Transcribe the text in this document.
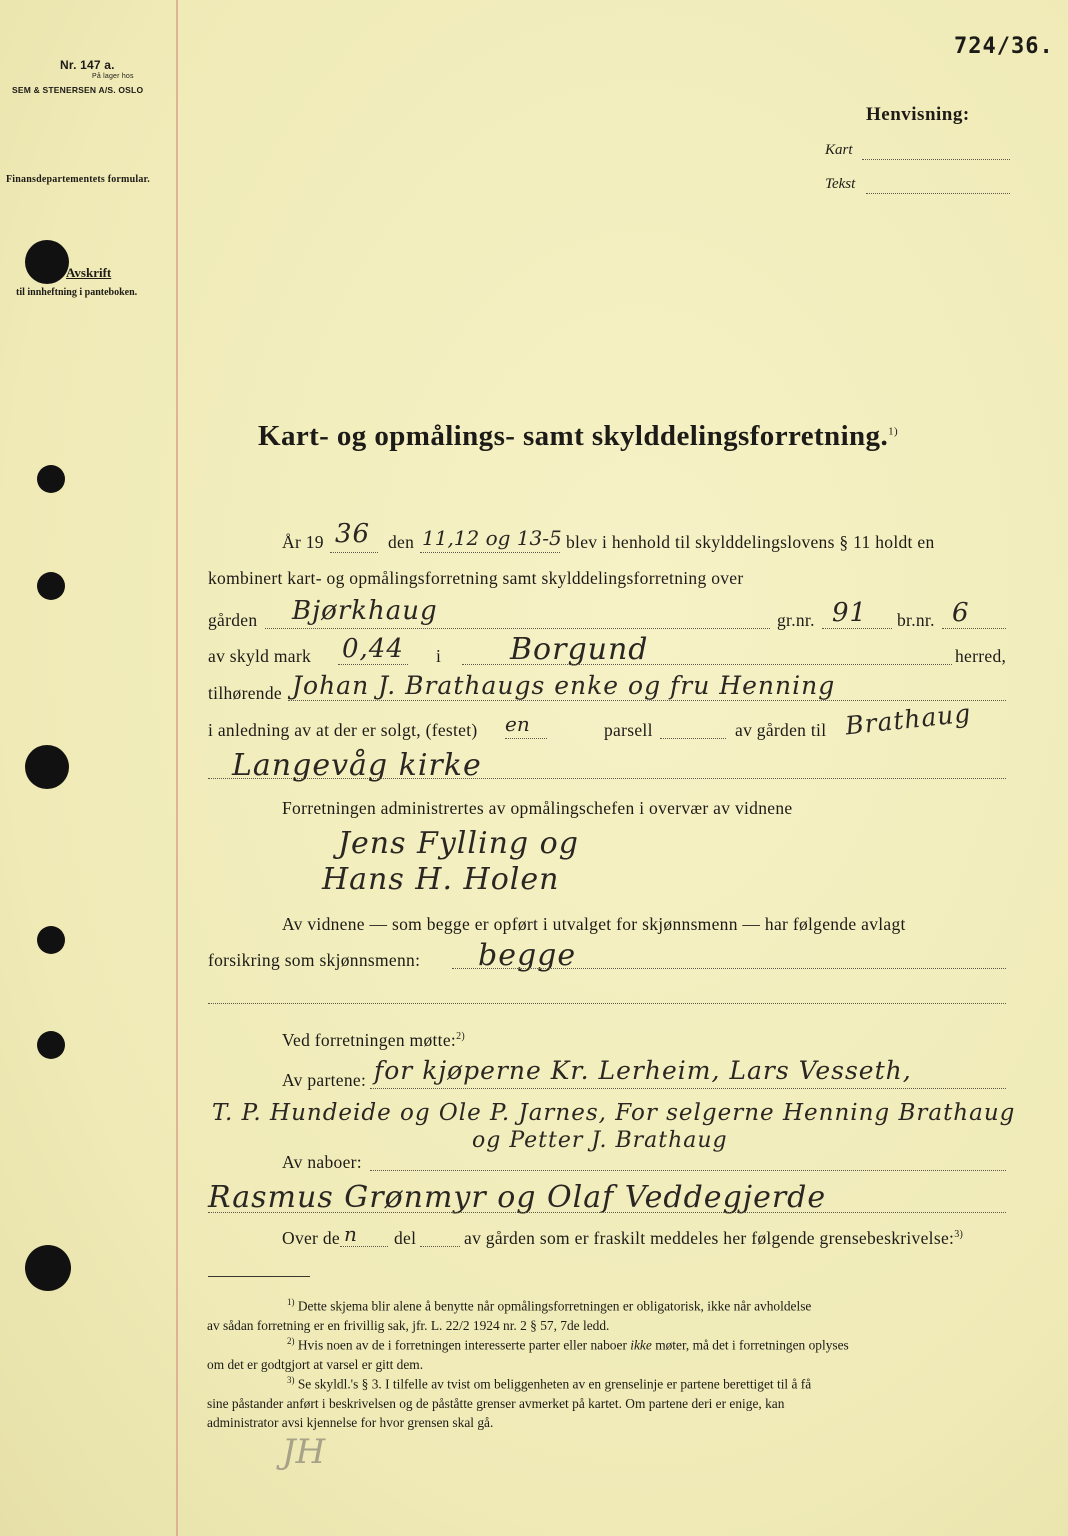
Nr. 147 a.
På lager hos
SEM & STENERSEN A/S. OSLO
Finansdepartementets formular.
Avskrift
til innheftning i panteboken.
724/36.
Henvisning:
Kart
Tekst
Kart- og opmålings- samt skylddelingsforretning.$^{1)}$
År 19 36 den 11,12 og 13-5 blev i henhold til skylddelingslovens § 11 holdt en
kombinert kart- og opmålingsforretning samt skylddelingsforretning over
gården Bjørkhaug	gr.nr. 91 br.nr. 6
av skyld mark 0,44 i Borgund	herred,
tilhørende Johan J. Brathaugs enke og fru Henning
Brathaug
i anledning av at der er solgt, (festet) en	parsell	av gården til
Langevåg kirke
Forretningen administrertes av opmålingschefen i overvær av vidnene
Jens Fylling og
Hans H. Holen
Av vidnene — som begge er opført i utvalget for skjønnsmenn — har følgende avlagt
forsikring som skjønnsmenn: begge
Ved forretningen møtte:$^{2)}$
Av partene: for kjøperne Kr. Lerheim, Lars Vesseth,
T. P. Hundeide og Ole P. Jarnes, For selgerne Henning Brathaug
og Petter J. Brathaug
Av naboer:
Rasmus Grønmyr og Olaf Veddegjerde
Over de n del	av gården som er fraskilt meddeles her følgende grensebeskrivelse:$^{3)}$
$^{1)}$ Dette skjema blir alene å benytte når opmålingsforretningen er obligatorisk, ikke når avholdelse
av sådan forretning er en frivillig sak, jfr. L. 22/2 1924 nr. 2 § 57, 7de ledd.
$^{2)}$ Hvis noen av de i forretningen interesserte parter eller naboer ikke møter, må det i forretningen oplyses
om det er godtgjort at varsel er gitt dem.
$^{3)}$ Se skyldl.'s § 3. I tilfelle av tvist om beliggenheten av en grenselinje er partene berettiget til å få
sine påstander anført i beskrivelsen og de påståtte grenser avmerket på kartet. Om partene deri er enige, kan
administrator avsi kjennelse for hvor grensen skal gå.
JH
